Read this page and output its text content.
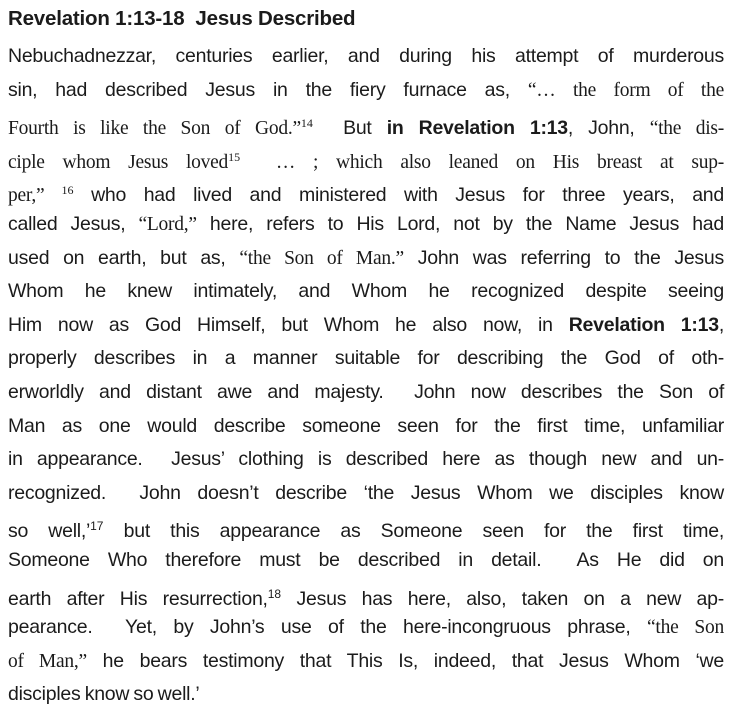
Revelation 1:13-18  Jesus Described
Nebuchadnezzar, centuries earlier, and during his attempt of murderous
sin, had described Jesus in the fiery furnace as, “… the form of the
Fourth is like the Son of God.”$^{14}$  But in Revelation 1:13, John, “the dis-
ciple whom Jesus loved$^{15}$  … ; which also leaned on His breast at sup-
per,” $^{16}$ who had lived and ministered with Jesus for three years, and
called Jesus, “Lord,” here, refers to His Lord, not by the Name Jesus had
used on earth, but as, “the Son of Man.” John was referring to the Jesus
Whom he knew intimately, and Whom he recognized despite seeing
Him now as God Himself, but Whom he also now, in Revelation 1:13,
properly describes in a manner suitable for describing the God of oth-
erworldly and distant awe and majesty.  John now describes the Son of
Man as one would describe someone seen for the first time, unfamiliar
in appearance.  Jesus’ clothing is described here as though new and un-
recognized.  John doesn’t describe ‘the Jesus Whom we disciples know
so well,’$^{17}$ but this appearance as Someone seen for the first time,
Someone Who therefore must be described in detail.  As He did on
earth after His resurrection,$^{18}$ Jesus has here, also, taken on a new ap-
pearance.  Yet, by John’s use of the here-incongruous phrase, “the Son
of Man,” he bears testimony that This Is, indeed, that Jesus Whom ‘we
disciples know so well.’
